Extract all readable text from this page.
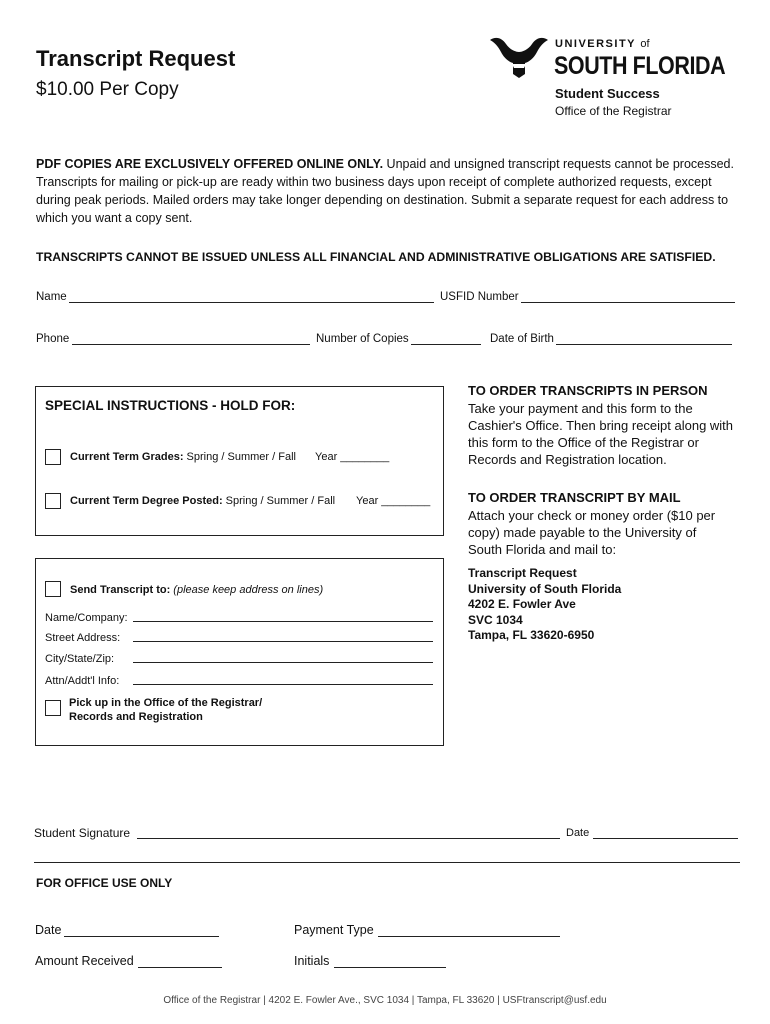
Transcript Request
$10.00 Per Copy
UNIVERSITY of
SOUTH FLORIDA
Student Success
Office of the Registrar
PDF COPIES ARE EXCLUSIVELY OFFERED ONLINE ONLY. Unpaid and unsigned transcript requests cannot be processed. Transcripts for mailing or pick-up are ready within two business days upon receipt of complete authorized requests, except during peak periods. Mailed orders may take longer depending on destination. Submit a separate request for each address to which you want a copy sent.
TRANSCRIPTS CANNOT BE ISSUED UNLESS ALL FINANCIAL AND ADMINISTRATIVE OBLIGATIONS ARE SATISFIED.
Name	USFID Number
Phone	Number of Copies	Date of Birth
SPECIAL INSTRUCTIONS - HOLD FOR:
Current Term Grades: Spring / Summer / Fall Year ________
Current Term Degree Posted: Spring / Summer / Fall Year ________
Send Transcript to: (please keep address on lines)
Name/Company:
Street Address:
City/State/Zip:
Attn/Addt'l Info:
Pick up in the Office of the Registrar/
Records and Registration
TO ORDER TRANSCRIPTS IN PERSON
Take your payment and this form to the Cashier's Office. Then bring receipt along with this form to the Office of the Registrar or Records and Registration location.
TO ORDER TRANSCRIPT BY MAIL
Attach your check or money order ($10 per copy) made payable to the University of South Florida and mail to:
Transcript Request
University of South Florida
4202 E. Fowler Ave
SVC 1034
Tampa, FL 33620-6950
Student Signature	Date
FOR OFFICE USE ONLY
Date	Payment Type
Amount Received	Initials
Office of the Registrar | 4202 E. Fowler Ave., SVC 1034 | Tampa, FL 33620 | USFtranscript@usf.edu
